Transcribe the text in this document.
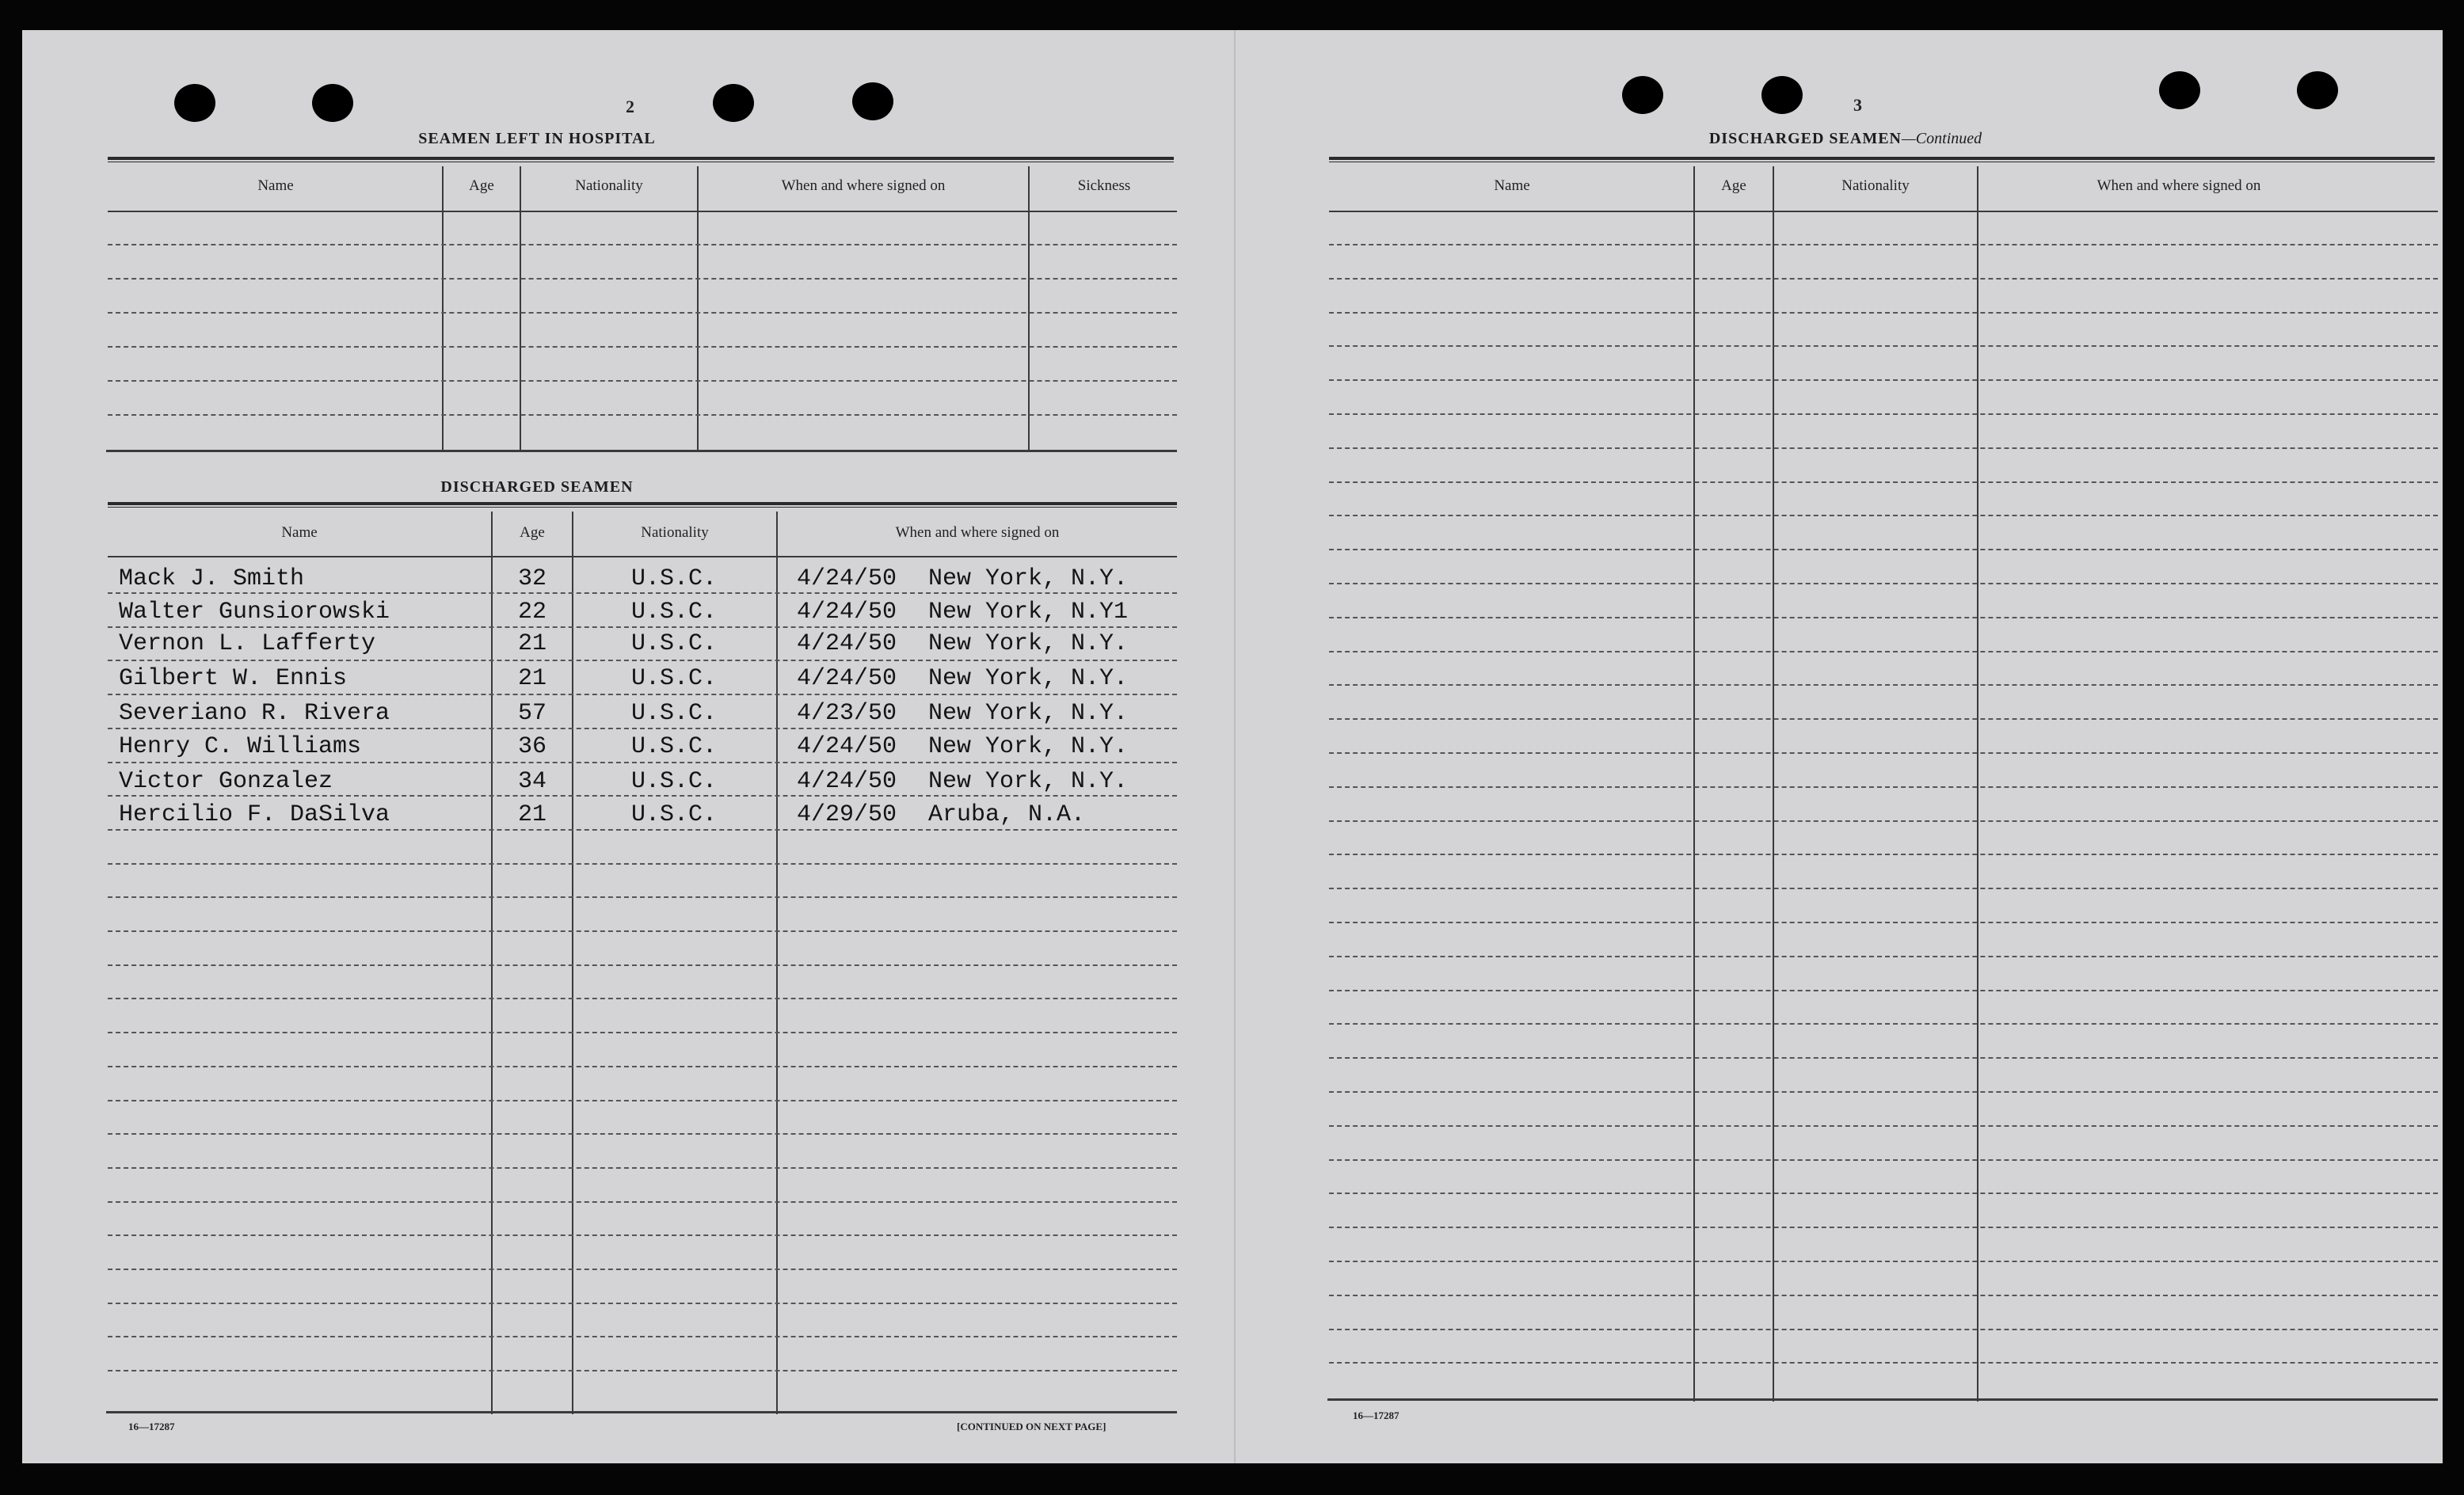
2
SEAMEN LEFT IN HOSPITAL
Name	Age	Nationality	When and where signed on	Sickness
DISCHARGED SEAMEN
Name	Age	Nationality	When and where signed on
Mack J. Smith	32	U.S.C.	4/24/50 New York, N.Y.
Walter Gunsiorowski	22	U.S.C.	4/24/50 New York, N.Y1
Vernon L. Lafferty	21	U.S.C.	4/24/50 New York, N.Y.
Gilbert W. Ennis	21	U.S.C.	4/24/50 New York, N.Y.
Severiano R. Rivera	57	U.S.C.	4/23/50 New York, N.Y.
Henry C. Williams	36	U.S.C.	4/24/50 New York, N.Y.
Victor Gonzalez	34	U.S.C.	4/24/50 New York, N.Y.
Hercilio F. DaSilva	21	U.S.C.	4/29/50 Aruba, N.A.
16—17287	[CONTINUED ON NEXT PAGE]
3
DISCHARGED SEAMEN—Continued
Name	Age	Nationality	When and where signed on
16—17287
